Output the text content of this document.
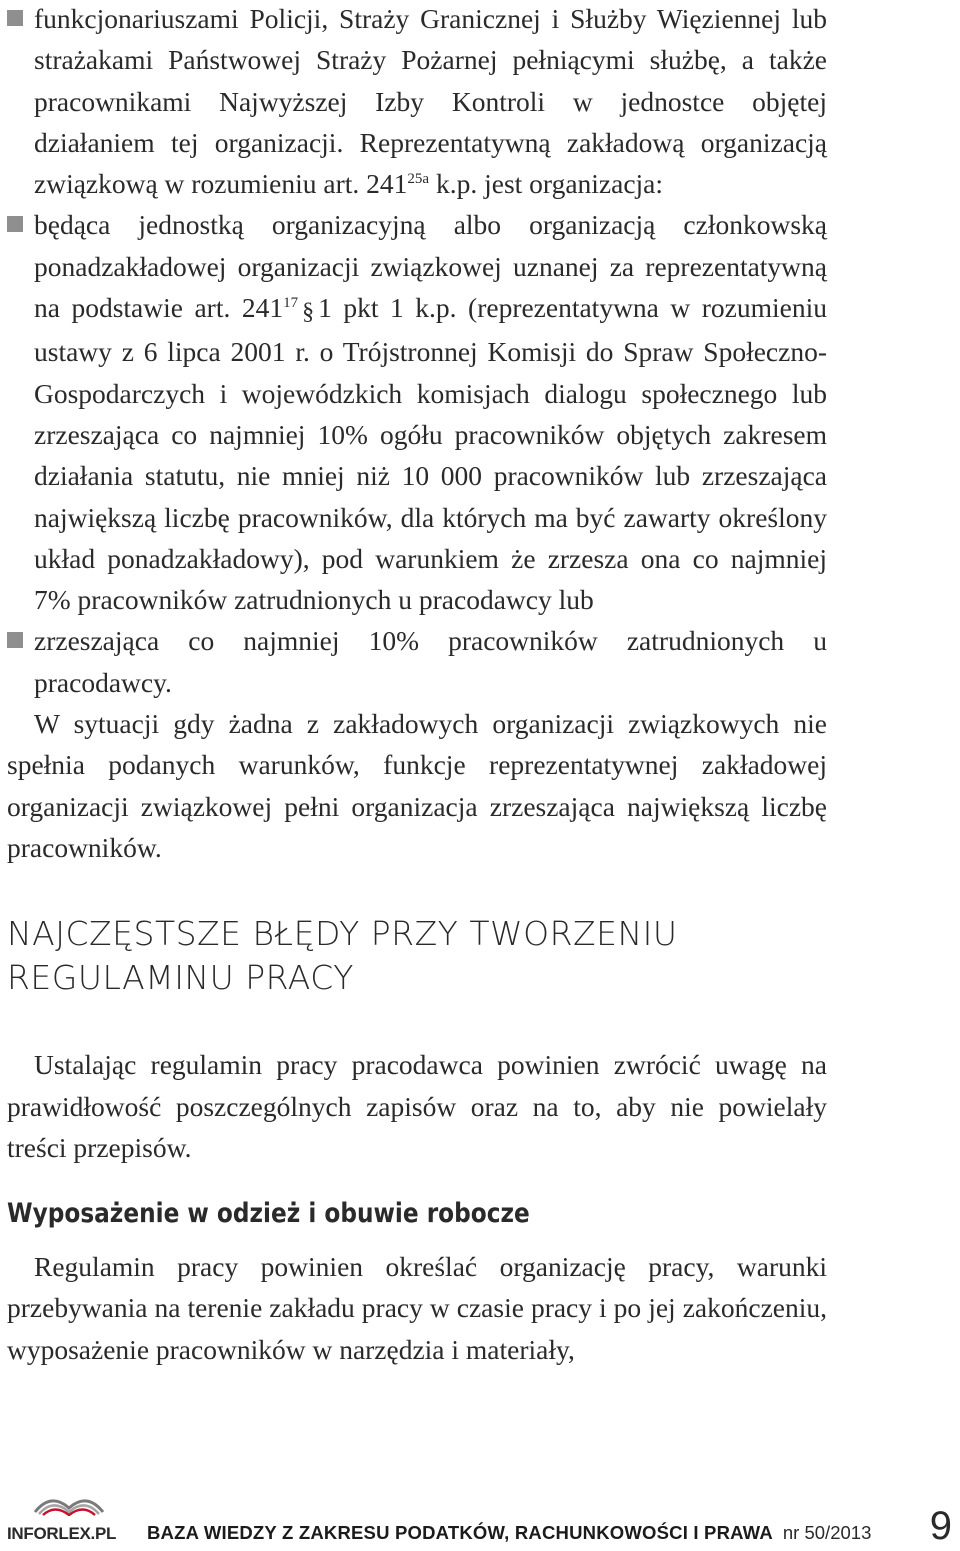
funkcjonariuszami Policji, Straży Granicznej i Służby Więziennej lub strażakami Państwowej Straży Pożarnej pełniącymi służbę, a także pracownikami Najwyższej Izby Kontroli w jednostce objętej działaniem tej organizacji. Reprezentatywną zakładową organizacją związkową w rozumieniu art. $241^{25a}$ k.p. jest organizacja:

będąca jednostką organizacyjną albo organizacją członkowską ponadzakładowej organizacji związkowej uznanej za reprezentatywną na podstawie art. $241^{17}$ § 1 pkt 1 k.p. (reprezentatywna w rozumieniu ustawy z 6 lipca 2001 r. o Trójstronnej Komisji do Spraw Społeczno-Gospodarczych i wojewódzkich komisjach dialogu społecznego lub zrzeszająca co najmniej 10% ogółu pracowników objętych zakresem działania statutu, nie mniej niż 10 000 pracowników lub zrzeszająca największą liczbę pracowników, dla których ma być zawarty określony układ ponadzakładowy), pod warunkiem że zrzesza ona co najmniej 7% pracowników zatrudnionych u pracodawcy lub

zrzeszająca co najmniej 10% pracowników zatrudnionych u pracodawcy.

W sytuacji gdy żadna z zakładowych organizacji związkowych nie spełnia podanych warunków, funkcje reprezentatywnej zakładowej organizacji związkowej pełni organizacja zrzeszająca największą liczbę pracowników.

NAJCZĘSTSZE BŁĘDY PRZY TWORZENIU
REGULAMINU PRACY

Ustalając regulamin pracy pracodawca powinien zwrócić uwagę na prawidłowość poszczególnych zapisów oraz na to, aby nie powielały treści przepisów.

Wyposażenie w odzież i obuwie robocze

Regulamin pracy powinien określać organizację pracy, warunki przebywania na terenie zakładu pracy w czasie pracy i po jej zakończeniu, wyposażenie pracowników w narzędzia i materiały,

INFORLEX.PL BAZA WIEDZY Z ZAKRESU PODATKÓW, RACHUNKOWOŚCI I PRAWA nr 50/2013 9
